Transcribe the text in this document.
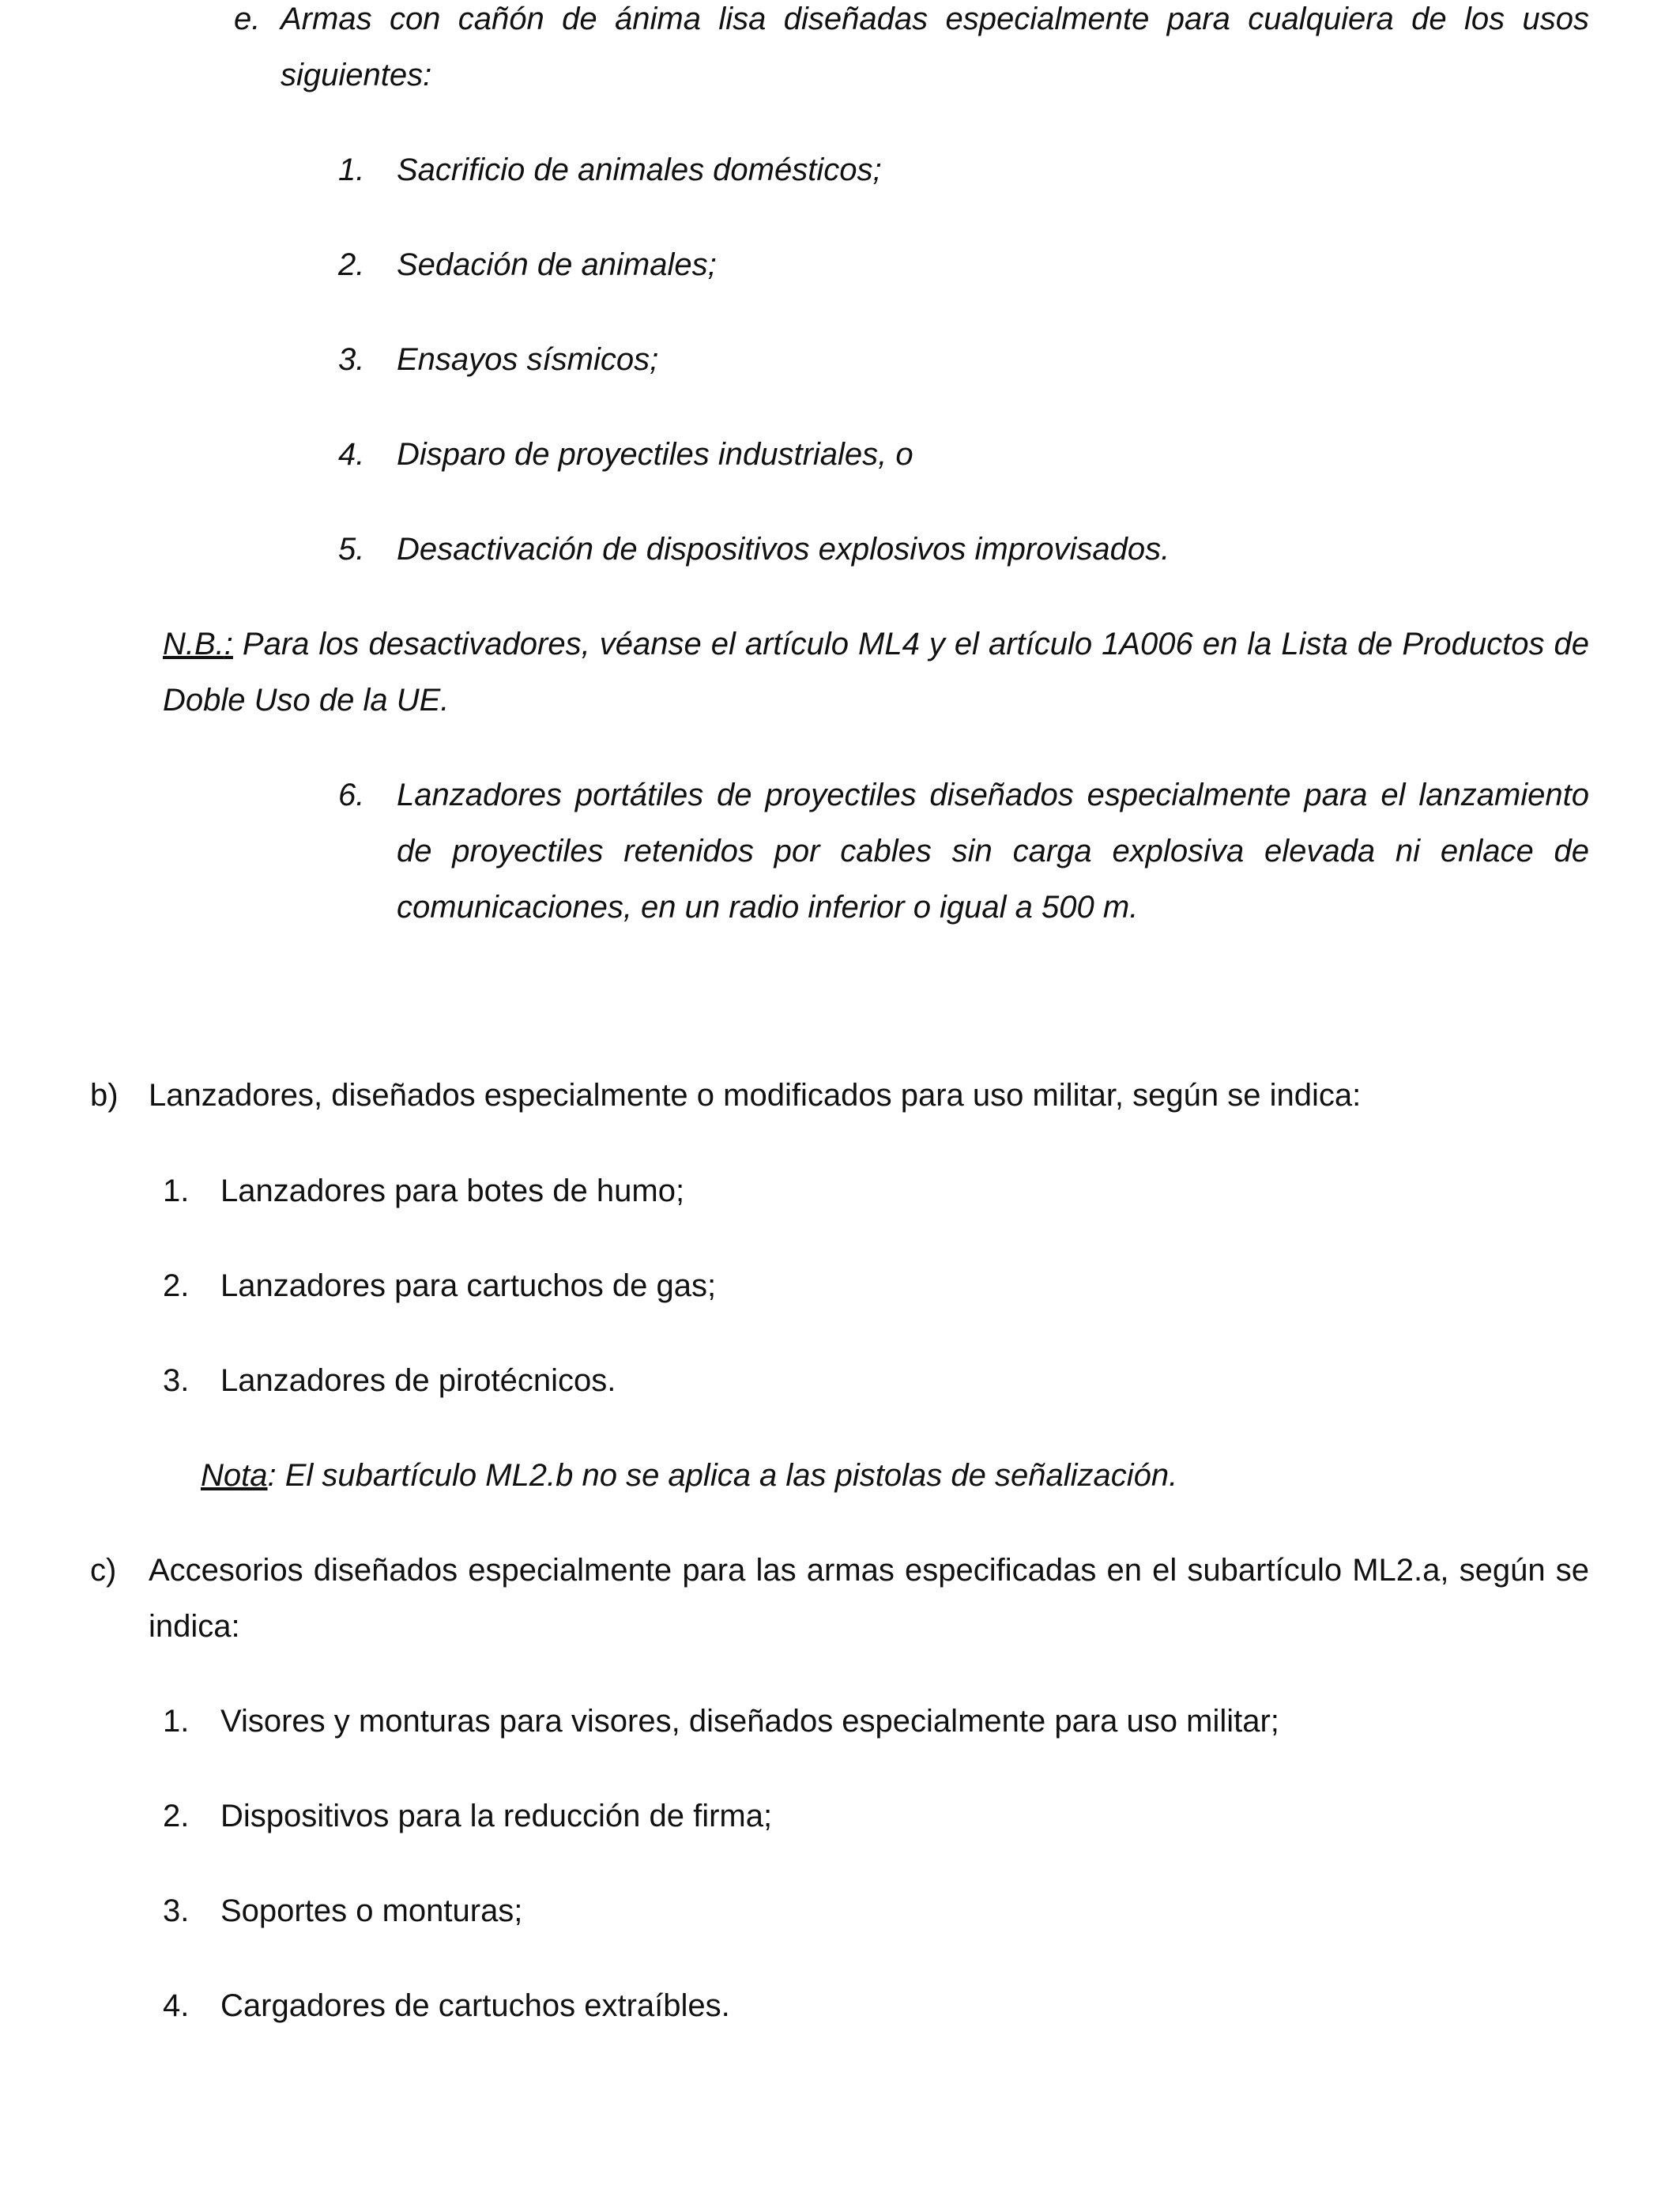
e. Armas con cañón de ánima lisa diseñadas especialmente para cualquiera de los usos siguientes:

1. Sacrificio de animales domésticos;
2. Sedación de animales;
3. Ensayos sísmicos;
4. Disparo de proyectiles industriales, o
5. Desactivación de dispositivos explosivos improvisados.

N.B.: Para los desactivadores, véanse el artículo ML4 y el artículo 1A006 en la Lista de Productos de Doble Uso de la UE.

6. Lanzadores portátiles de proyectiles diseñados especialmente para el lanzamiento de proyectiles retenidos por cables sin carga explosiva elevada ni enlace de comunicaciones, en un radio inferior o igual a 500 m.

b) Lanzadores, diseñados especialmente o modificados para uso militar, según se indica:
1. Lanzadores para botes de humo;
2. Lanzadores para cartuchos de gas;
3. Lanzadores de pirotécnicos.

Nota: El subartículo ML2.b no se aplica a las pistolas de señalización.

c) Accesorios diseñados especialmente para las armas especificadas en el subartículo ML2.a, según se indica:

1. Visores y monturas para visores, diseñados especialmente para uso militar;
2. Dispositivos para la reducción de firma;
3. Soportes o monturas;
4. Cargadores de cartuchos extraíbles.
